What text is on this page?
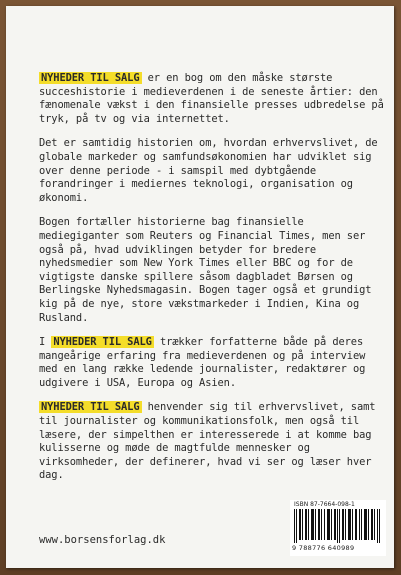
NYHEDER TIL SALG er en bog om den måske største succeshistorie i medieverdenen i de seneste årtier: den fænomenale vækst i den finansielle presses udbredelse på tryk, på tv og via internettet.

Det er samtidig historien om, hvordan erhvervslivet, de globale markeder og samfundsøkonomien har udviklet sig over denne periode - i samspil med dybtgående forandringer i mediernes teknologi, organisation og økonomi.

Bogen fortæller historierne bag finansielle mediegiganter som Reuters og Financial Times, men ser også på, hvad udviklingen betyder for bredere nyhedsmedier som New York Times eller BBC og for de vigtigste danske spillere såsom dagbladet Børsen og Berlingske Nyhedsmagasin. Bogen tager også et grundigt kig på de nye, store vækstmarkeder i Indien, Kina og Rusland.

I NYHEDER TIL SALG trækker forfatterne både på deres mangeårige erfaring fra medieverdenen og på interview med en lang række ledende journalister, redaktører og udgivere i USA, Europa og Asien.

NYHEDER TIL SALG henvender sig til erhvervslivet, samt til journalister og kommunikationsfolk, men også til læsere, der simpelthen er interesserede i at komme bag kulisserne og møde de magtfulde mennesker og virksomheder, der definerer, hvad vi ser og læser hver dag.

ISBN 87-7664-098-1
9 788776 640989
www.borsensforlag.dk
